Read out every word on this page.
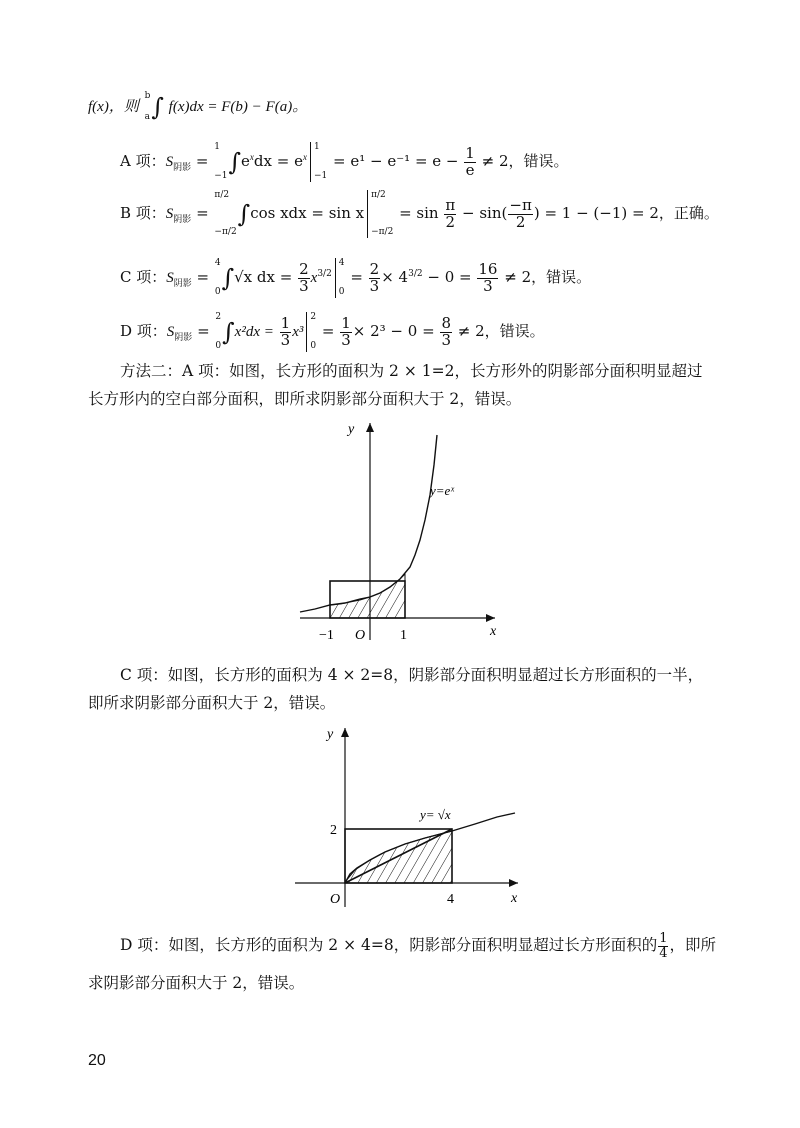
f(x)，则
b
a ∫ f(x)dx = F(b) − F(a)。
A 项：$S_{阴影}$ =
1
−1 $\int e^xdx = e^x$
1
−1
= $e^1 - e^{-1} = e - \frac{1}{e} \ne 2$，错误。
B 项：$S_{阴影}$ =
π/2
−π/2
∫cos xdx = sin x
π/2
−π/2
= $\sin \frac{\pi}{2} - \sin( \frac{-\pi}{2}$ ) = 1 − (−1) = 2，正确。
C 项：$S_{阴影}$ =
4
0 ∫√x dx = $\frac{2}{3} x^{3/2}$
4
0
= $\frac{2}{3} \times 4^{3/2} - 0 = \frac{16}{3} \ne 2$，错误。
D 项：$S_{阴影}$ =
2
0 $\int x^2dx = \frac{1}{3} x^3$
2
0
= $\frac{1}{3} \times 2^3 - 0 = \frac{8}{3} \ne 2$，错误。
方法二：A 项：如图，长方形的面积为 2 × 1=2，长方形外的阴影部分面积明显超过
长方形内的空白部分面积，即所求阴影部分面积大于 2，错误。
y
x
O
−1	1
y=eˣ
C 项：如图，长方形的面积为 4 × 2=8，阴影部分面积明显超过长方形面积的一半，
即所求阴影部分面积大于 2，错误。
y
x
O
2
4
y= √x
D 项：如图，长方形的面积为 2 × 4=8，阴影部分面积明显超过长方形面积的 $\frac{1}{4}$ ，即所
求阴影部分面积大于 2，错误。
20
